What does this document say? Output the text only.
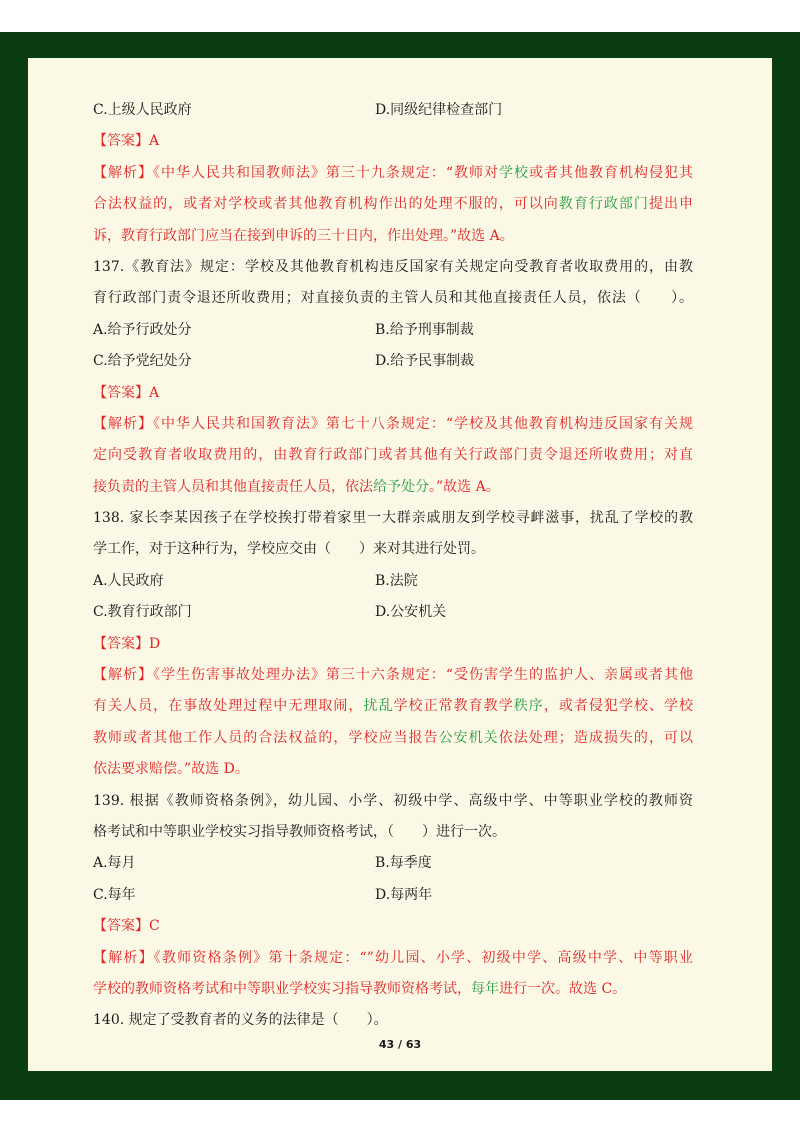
C.上级人民政府	D.同级纪律检查部门
【答案】A
【解析】《中华人民共和国教师法》第三十九条规定：“教师对学校或者其他教育机构侵犯其
合法权益的，或者对学校或者其他教育机构作出的处理不服的，可以向教育行政部门提出申
诉，教育行政部门应当在接到申诉的三十日内，作出处理。”故选 A。
137.《教育法》规定：学校及其他教育机构违反国家有关规定向受教育者收取费用的，由教
育行政部门责令退还所收费用；对直接负责的主管人员和其他直接责任人员，依法（　　）。
A.给予行政处分	B.给予刑事制裁
C.给予党纪处分	D.给予民事制裁
【答案】A
【解析】《中华人民共和国教育法》第七十八条规定：“学校及其他教育机构违反国家有关规
定向受教育者收取费用的，由教育行政部门或者其他有关行政部门责令退还所收费用；对直
接负责的主管人员和其他直接责任人员，依法给予处分。”故选 A。
138. 家长李某因孩子在学校挨打带着家里一大群亲戚朋友到学校寻衅滋事，扰乱了学校的教
学工作，对于这种行为，学校应交由（　　）来对其进行处罚。
A.人民政府	B.法院
C.教育行政部门	D.公安机关
【答案】D
【解析】《学生伤害事故处理办法》第三十六条规定：“受伤害学生的监护人、亲属或者其他
有关人员，在事故处理过程中无理取闹，扰乱学校正常教育教学秩序，或者侵犯学校、学校
教师或者其他工作人员的合法权益的，学校应当报告公安机关依法处理；造成损失的，可以
依法要求赔偿。”故选 D。
139. 根据《教师资格条例》，幼儿园、小学、初级中学、高级中学、中等职业学校的教师资
格考试和中等职业学校实习指导教师资格考试，（　　）进行一次。
A.每月	B.每季度
C.每年	D.每两年
【答案】C
【解析】《教师资格条例》第十条规定：“”幼儿园、小学、初级中学、高级中学、中等职业
学校的教师资格考试和中等职业学校实习指导教师资格考试，每年进行一次。故选 C。
140. 规定了受教育者的义务的法律是（　　）。
43 / 63
